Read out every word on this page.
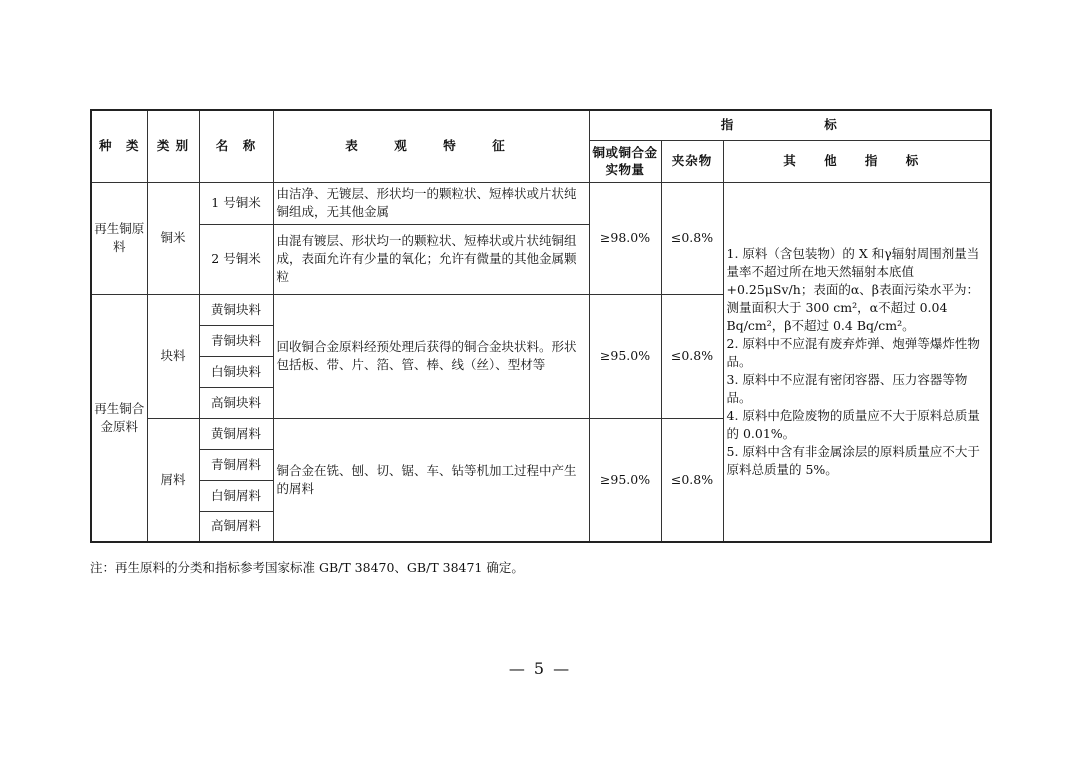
种　类	类 别	名　称	表　观　特　征	指　　标		
				铜或铜合金实物量	夹杂物	其 他 指 标
再生铜原料	铜米	1 号铜米	由洁净、无镀层、形状均一的颗粒状、短棒状或片状纯铜组成，无其他金属	≥98.0%	≤0.8%	1. 原料（含包装物）的 X 和γ辐射周围剂量当量率不超过所在地天然辐射本底值+0.25μSv/h；表面的α、β表面污染水平为：测量面积大于 300 cm²，α不超过 0.04 Bq/cm²，β不超过 0.4 Bq/cm²。
2. 原料中不应混有废弃炸弹、炮弹等爆炸性物品。
3. 原料中不应混有密闭容器、压力容器等物品。
4. 原料中危险废物的质量应不大于原料总质量的 0.01%。
5. 原料中含有非金属涂层的原料质量应不大于原料总质量的 5%。

		2 号铜米	由混有镀层、形状均一的颗粒状、短棒状或片状纯铜组成，表面允许有少量的氧化；允许有微量的其他金属颗粒			
再生铜合金原料	块料	黄铜块料	回收铜合金原料经预处理后获得的铜合金块状料。形状包括板、带、片、箔、管、棒、线（丝）、型材等	≥95.0%	≤0.8%	
		青铜块料				
		白铜块料				
		高铜块料				
	屑料	黄铜屑料	铜合金在铣、刨、切、锯、车、钻等机加工过程中产生的屑料	≥95.0%	≤0.8%	
		青铜屑料				
		白铜屑料				
		高铜屑料				
注：再生原料的分类和指标参考国家标准 GB/T 38470、GB/T 38471 确定。
— 5 —
